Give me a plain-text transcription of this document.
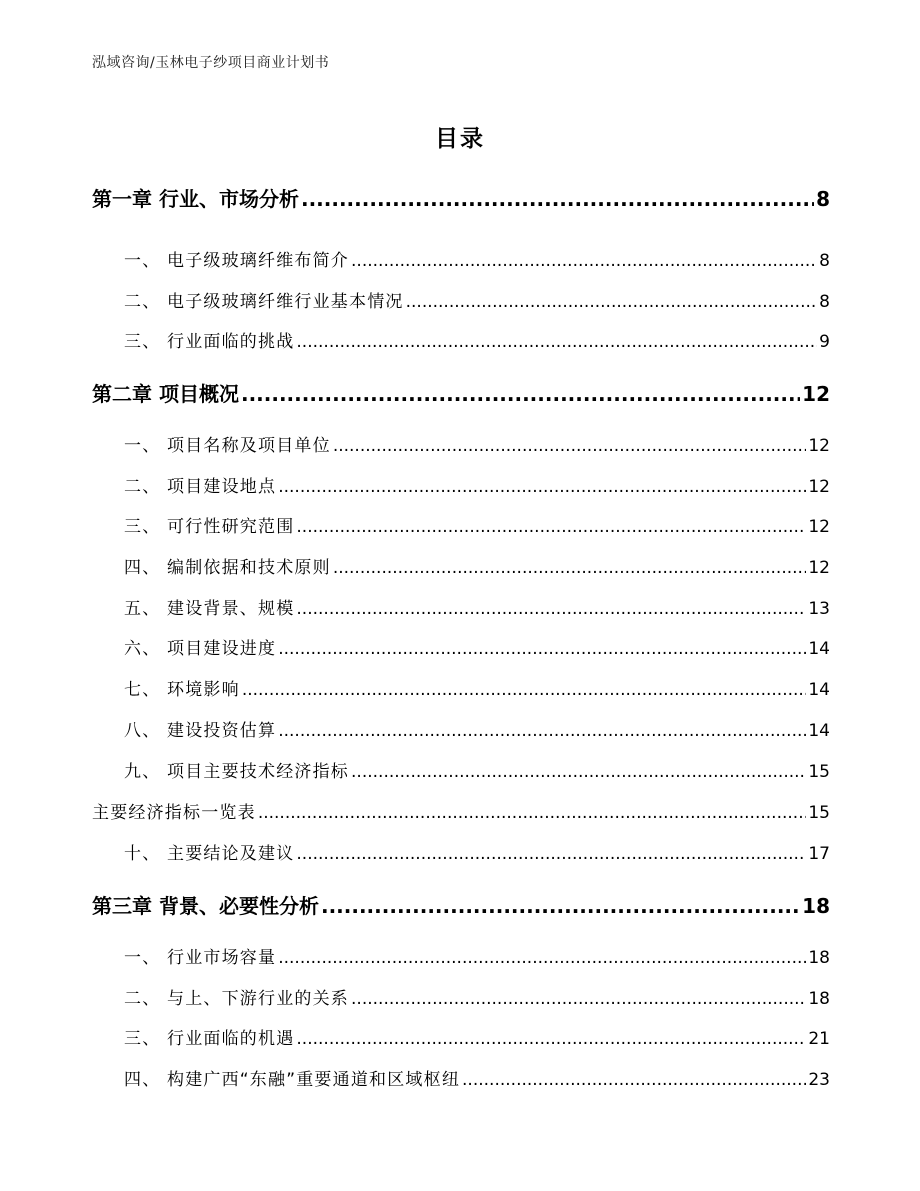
泓域咨询/玉林电子纱项目商业计划书
目录
第一章 行业、市场分析 .....	8
一、 电子级玻璃纤维布简介 .....	8
二、 电子级玻璃纤维行业基本情况 .....	8
三、 行业面临的挑战 .....	9
第二章 项目概况 .....	12
一、 项目名称及项目单位 .....	12
二、 项目建设地点 .....	12
三、 可行性研究范围 .....	12
四、 编制依据和技术原则 .....	12
五、 建设背景、规模 .....	13
六、 项目建设进度 .....	14
七、 环境影响 .....	14
八、 建设投资估算 .....	14
九、 项目主要技术经济指标 .....	15
主要经济指标一览表 .....	15
十、 主要结论及建议 .....	17
第三章 背景、必要性分析 .....	18
一、 行业市场容量 .....	18
二、 与上、下游行业的关系 .....	18
三、 行业面临的机遇 .....	21
四、 构建广西“东融”重要通道和区域枢纽 .....	23
